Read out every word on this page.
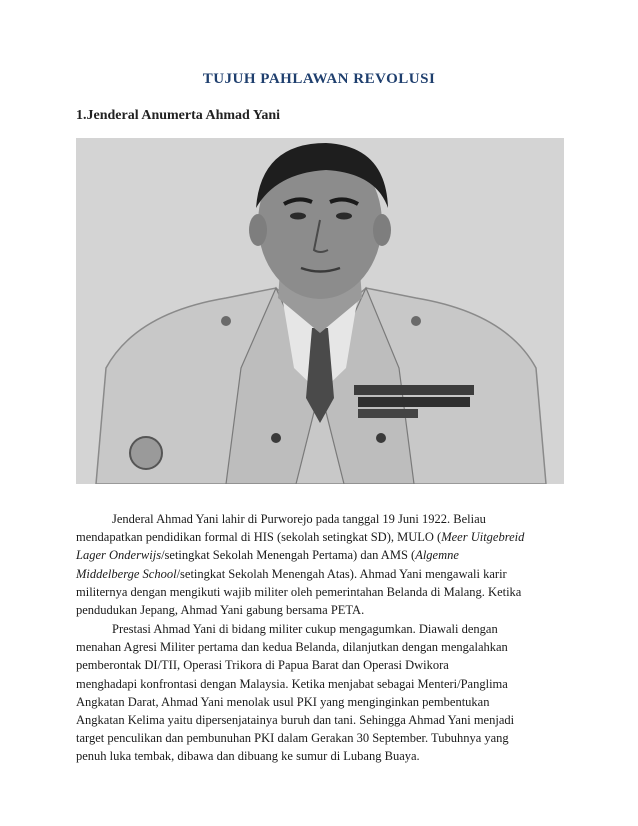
TUJUH PAHLAWAN REVOLUSI
1.Jenderal Anumerta Ahmad Yani

Jenderal Ahmad Yani lahir di Purworejo pada tanggal 19 Juni 1922. Beliau
mendapatkan pendidikan formal di HIS (sekolah setingkat SD), MULO (Meer Uitgebreid
Lager Onderwijs/setingkat Sekolah Menengah Pertama) dan AMS (Algemne
Middelberge School/setingkat Sekolah Menengah Atas). Ahmad Yani mengawali karir
militernya dengan mengikuti wajib militer oleh pemerintahan Belanda di Malang. Ketika
pendudukan Jepang, Ahmad Yani gabung bersama PETA.

Prestasi Ahmad Yani di bidang militer cukup mengagumkan. Diawali dengan
menahan Agresi Militer pertama dan kedua Belanda, dilanjutkan dengan mengalahkan
pemberontak DI/TII, Operasi Trikora di Papua Barat dan Operasi Dwikora
menghadapi konfrontasi dengan Malaysia. Ketika menjabat sebagai Menteri/Panglima
Angkatan Darat, Ahmad Yani menolak usul PKI yang menginginkan pembentukan
Angkatan Kelima yaitu dipersenjatainya buruh dan tani. Sehingga Ahmad Yani menjadi
target penculikan dan pembunuhan PKI dalam Gerakan 30 September. Tubuhnya yang
penuh luka tembak, dibawa dan dibuang ke sumur di Lubang Buaya.
